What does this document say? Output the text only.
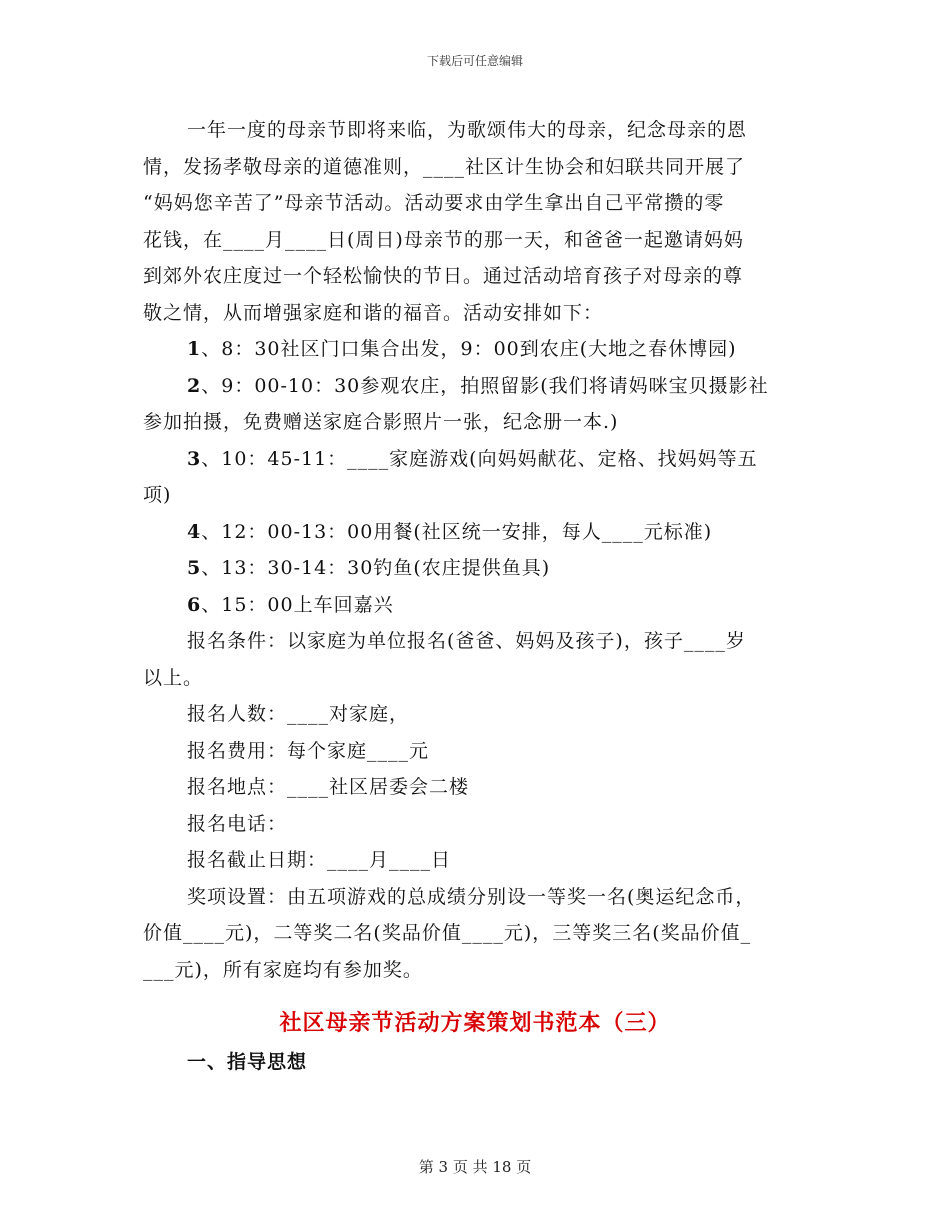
下载后可任意编辑

一年一度的母亲节即将来临，为歌颂伟大的母亲，纪念母亲的恩

情，发扬孝敬母亲的道德准则，____社区计生协会和妇联共同开展了

“妈妈您辛苦了”母亲节活动。活动要求由学生拿出自己平常攒的零

花钱，在____月____日(周日)母亲节的那一天，和爸爸一起邀请妈妈

到郊外农庄度过一个轻松愉快的节日。通过活动培育孩子对母亲的尊

敬之情，从而增强家庭和谐的福音。活动安排如下：

1、8：30社区门口集合出发，9：00到农庄(大地之春休博园)

2、9：00-10：30参观农庄，拍照留影(我们将请妈咪宝贝摄影社

参加拍摄，免费赠送家庭合影照片一张，纪念册一本.)

3、10：45-11：____家庭游戏(向妈妈献花、定格、找妈妈等五

项)

4、12：00-13：00用餐(社区统一安排，每人____元标准)

5、13：30-14：30钓鱼(农庄提供鱼具)

6、15：00上车回嘉兴

报名条件：以家庭为单位报名(爸爸、妈妈及孩子)，孩子____岁

以上。

报名人数：____对家庭，

报名费用：每个家庭____元

报名地点：____社区居委会二楼

报名电话：

报名截止日期：____月____日

奖项设置：由五项游戏的总成绩分别设一等奖一名(奥运纪念币，

价值____元)，二等奖二名(奖品价值____元)，三等奖三名(奖品价值_

___元)，所有家庭均有参加奖。

社区母亲节活动方案策划书范本（三）
一、指导思想
第 3 页 共 18 页
